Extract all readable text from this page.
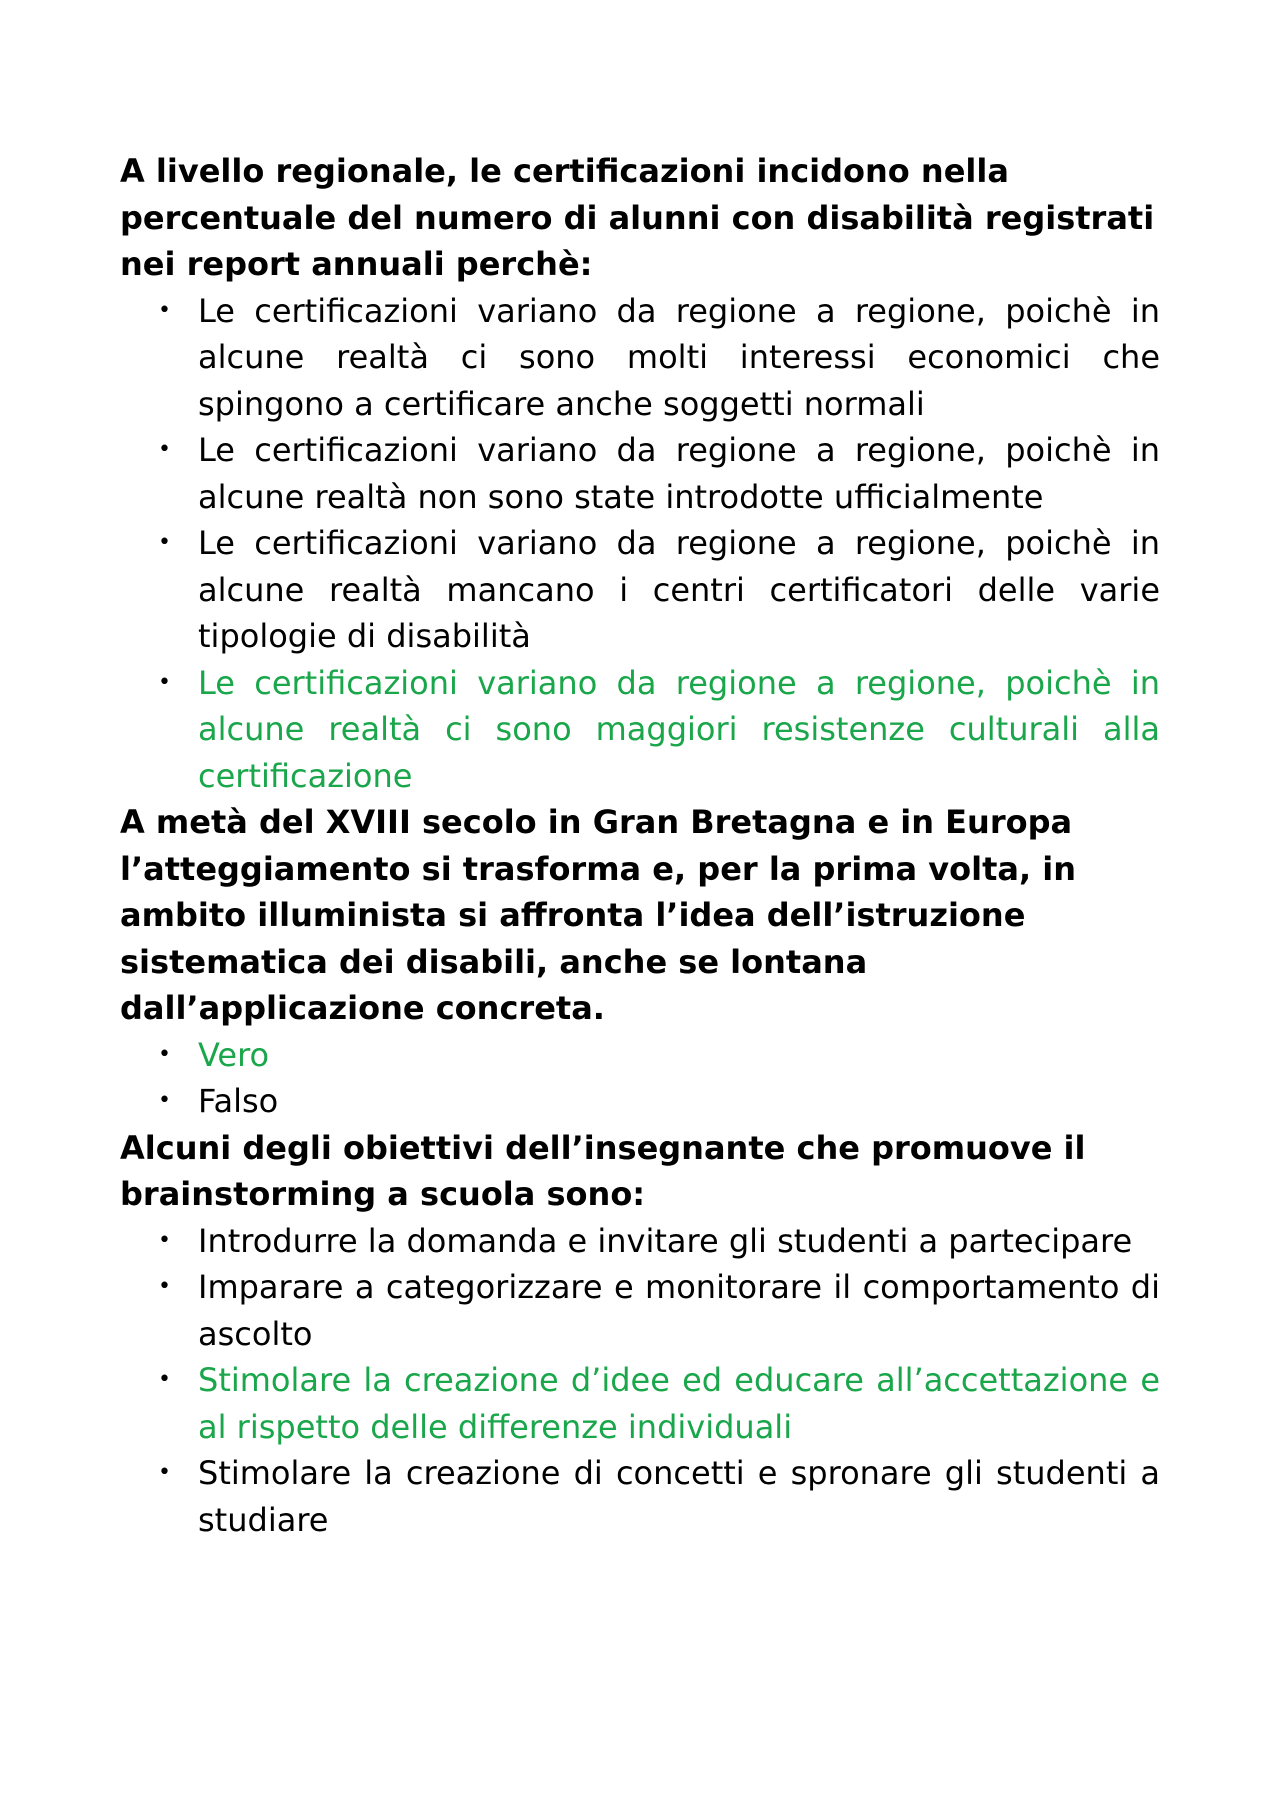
A livello regionale, le certificazioni incidono nella percentuale del numero di alunni con disabilità registrati nei report annuali perchè:

• Le certificazioni variano da regione a regione, poichè in alcune realtà ci sono molti interessi economici che spingono a certificare anche soggetti normali
• Le certificazioni variano da regione a regione, poichè in alcune realtà non sono state introdotte ufficialmente
• Le certificazioni variano da regione a regione, poichè in alcune realtà mancano i centri certificatori delle varie tipologie di disabilità
• Le certificazioni variano da regione a regione, poichè in alcune realtà ci sono maggiori resistenze culturali alla certificazione

A metà del XVIII secolo in Gran Bretagna e in Europa l’atteggiamento si trasforma e, per la prima volta, in ambito illuminista si affronta l’idea dell’istruzione sistematica dei disabili, anche se lontana dall’applicazione concreta.

• Vero
• Falso

Alcuni degli obiettivi dell’insegnante che promuove il brainstorming a scuola sono:

• Introdurre la domanda e invitare gli studenti a partecipare
• Imparare a categorizzare e monitorare il comportamento di ascolto
• Stimolare la creazione d’idee ed educare all’accettazione e al rispetto delle differenze individuali
• Stimolare la creazione di concetti e spronare gli studenti a studiare
